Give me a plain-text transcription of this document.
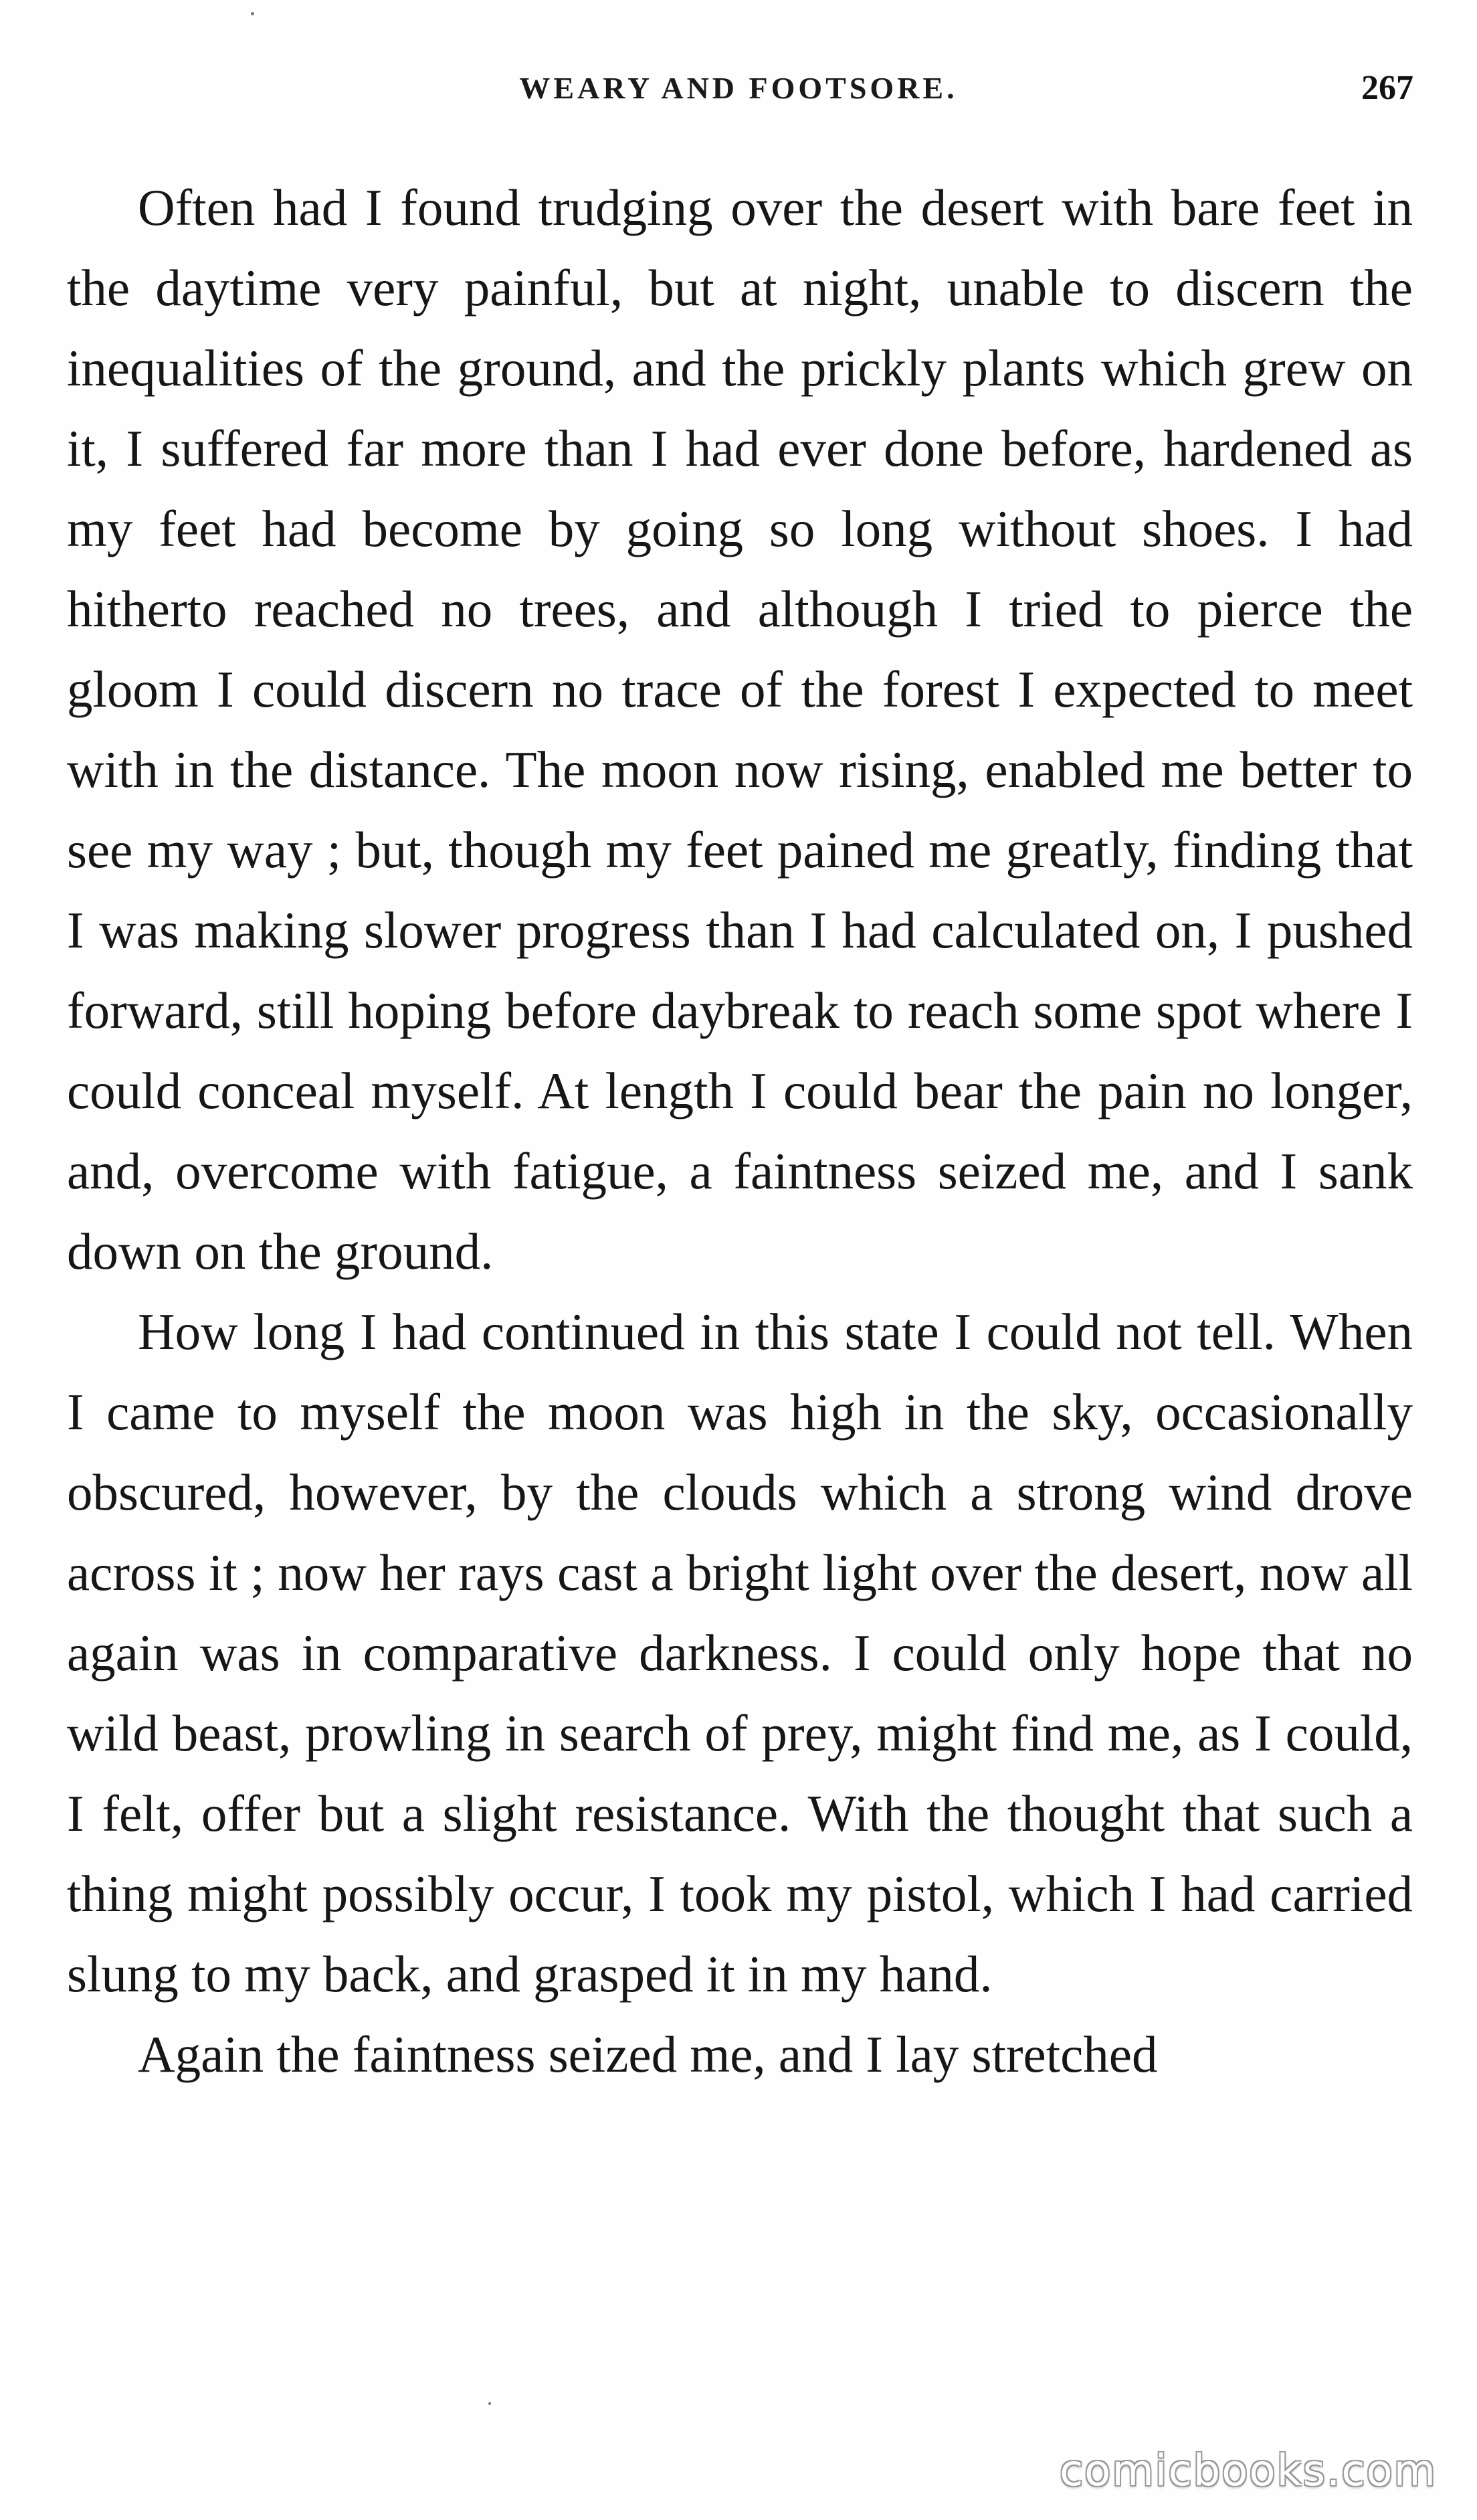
WEARY AND FOOTSORE.	267

Often had I found trudging over the desert with bare feet in the daytime very painful, but at night, unable to discern the inequalities of the ground, and the prickly plants which grew on it, I suffered far more than I had ever done before, hardened as my feet had become by going so long without shoes. I had hitherto reached no trees, and although I tried to pierce the gloom I could discern no trace of the forest I expected to meet with in the distance. The moon now rising, enabled me better to see my way ; but, though my feet pained me greatly, finding that I was making slower progress than I had calculated on, I pushed forward, still hoping before daybreak to reach some spot where I could conceal myself. At length I could bear the pain no longer, and, overcome with fatigue, a faintness seized me, and I sank down on the ground.

How long I had continued in this state I could not tell. When I came to myself the moon was high in the sky, occasionally obscured, however, by the clouds which a strong wind drove across it ; now her rays cast a bright light over the desert, now all again was in comparative darkness. I could only hope that no wild beast, prowling in search of prey, might find me, as I could, I felt, offer but a slight resistance. With the thought that such a thing might possibly occur, I took my pistol, which I had carried slung to my back, and grasped it in my hand.

Again the faintness seized me, and I lay stretched

comicbooks.com
